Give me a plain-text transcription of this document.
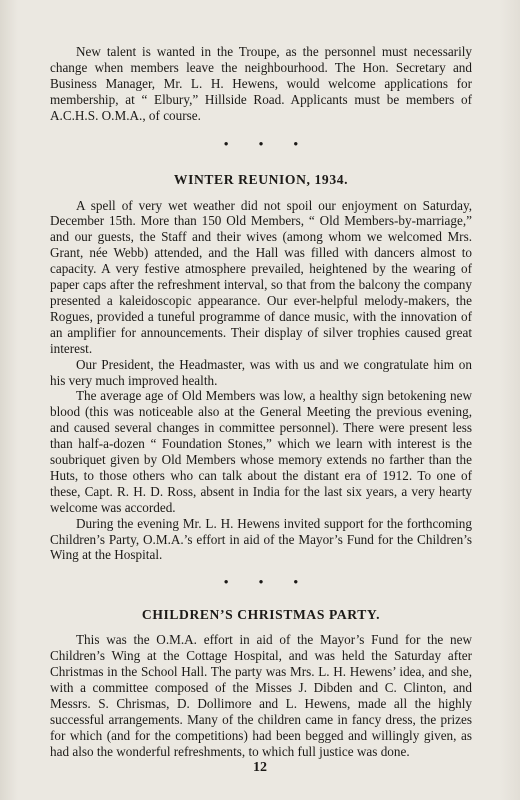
New talent is wanted in the Troupe, as the personnel must necessarily change when members leave the neighbourhood. The Hon. Secretary and Business Manager, Mr. L. H. Hewens, would welcome applications for membership, at “ Elbury,” Hillside Road. Applicants must be members of A.C.H.S. O.M.A., of course.

●●●
WINTER REUNION, 1934.

A spell of very wet weather did not spoil our enjoyment on Saturday, December 15th. More than 150 Old Members, “ Old Members-by-marriage,” and our guests, the Staff and their wives (among whom we welcomed Mrs. Grant, née Webb) attended, and the Hall was filled with dancers almost to capacity. A very festive atmosphere prevailed, heightened by the wearing of paper caps after the refreshment interval, so that from the balcony the company presented a kaleidoscopic appearance. Our ever-helpful melody-makers, the Rogues, provided a tuneful programme of dance music, with the innovation of an amplifier for announcements. Their display of silver trophies caused great interest.

Our President, the Headmaster, was with us and we congratulate him on his very much improved health.

The average age of Old Members was low, a healthy sign betokening new blood (this was noticeable also at the General Meeting the previous evening, and caused several changes in committee personnel). There were present less than half-a-dozen “ Foundation Stones,” which we learn with interest is the soubriquet given by Old Members whose memory extends no farther than the Huts, to those others who can talk about the distant era of 1912. To one of these, Capt. R. H. D. Ross, absent in India for the last six years, a very hearty welcome was accorded.

During the evening Mr. L. H. Hewens invited support for the forthcoming Children’s Party, O.M.A.’s effort in aid of the Mayor’s Fund for the Children’s Wing at the Hospital.

●●●
CHILDREN’S CHRISTMAS PARTY.

This was the O.M.A. effort in aid of the Mayor’s Fund for the new Children’s Wing at the Cottage Hospital, and was held the Saturday after Christmas in the School Hall. The party was Mrs. L. H. Hewens’ idea, and she, with a committee composed of the Misses J. Dibden and C. Clinton, and Messrs. S. Chrismas, D. Dollimore and L. Hewens, made all the highly successful arrangements. Many of the children came in fancy dress, the prizes for which (and for the competitions) had been begged and willingly given, as had also the wonderful refreshments, to which full justice was done.

12
